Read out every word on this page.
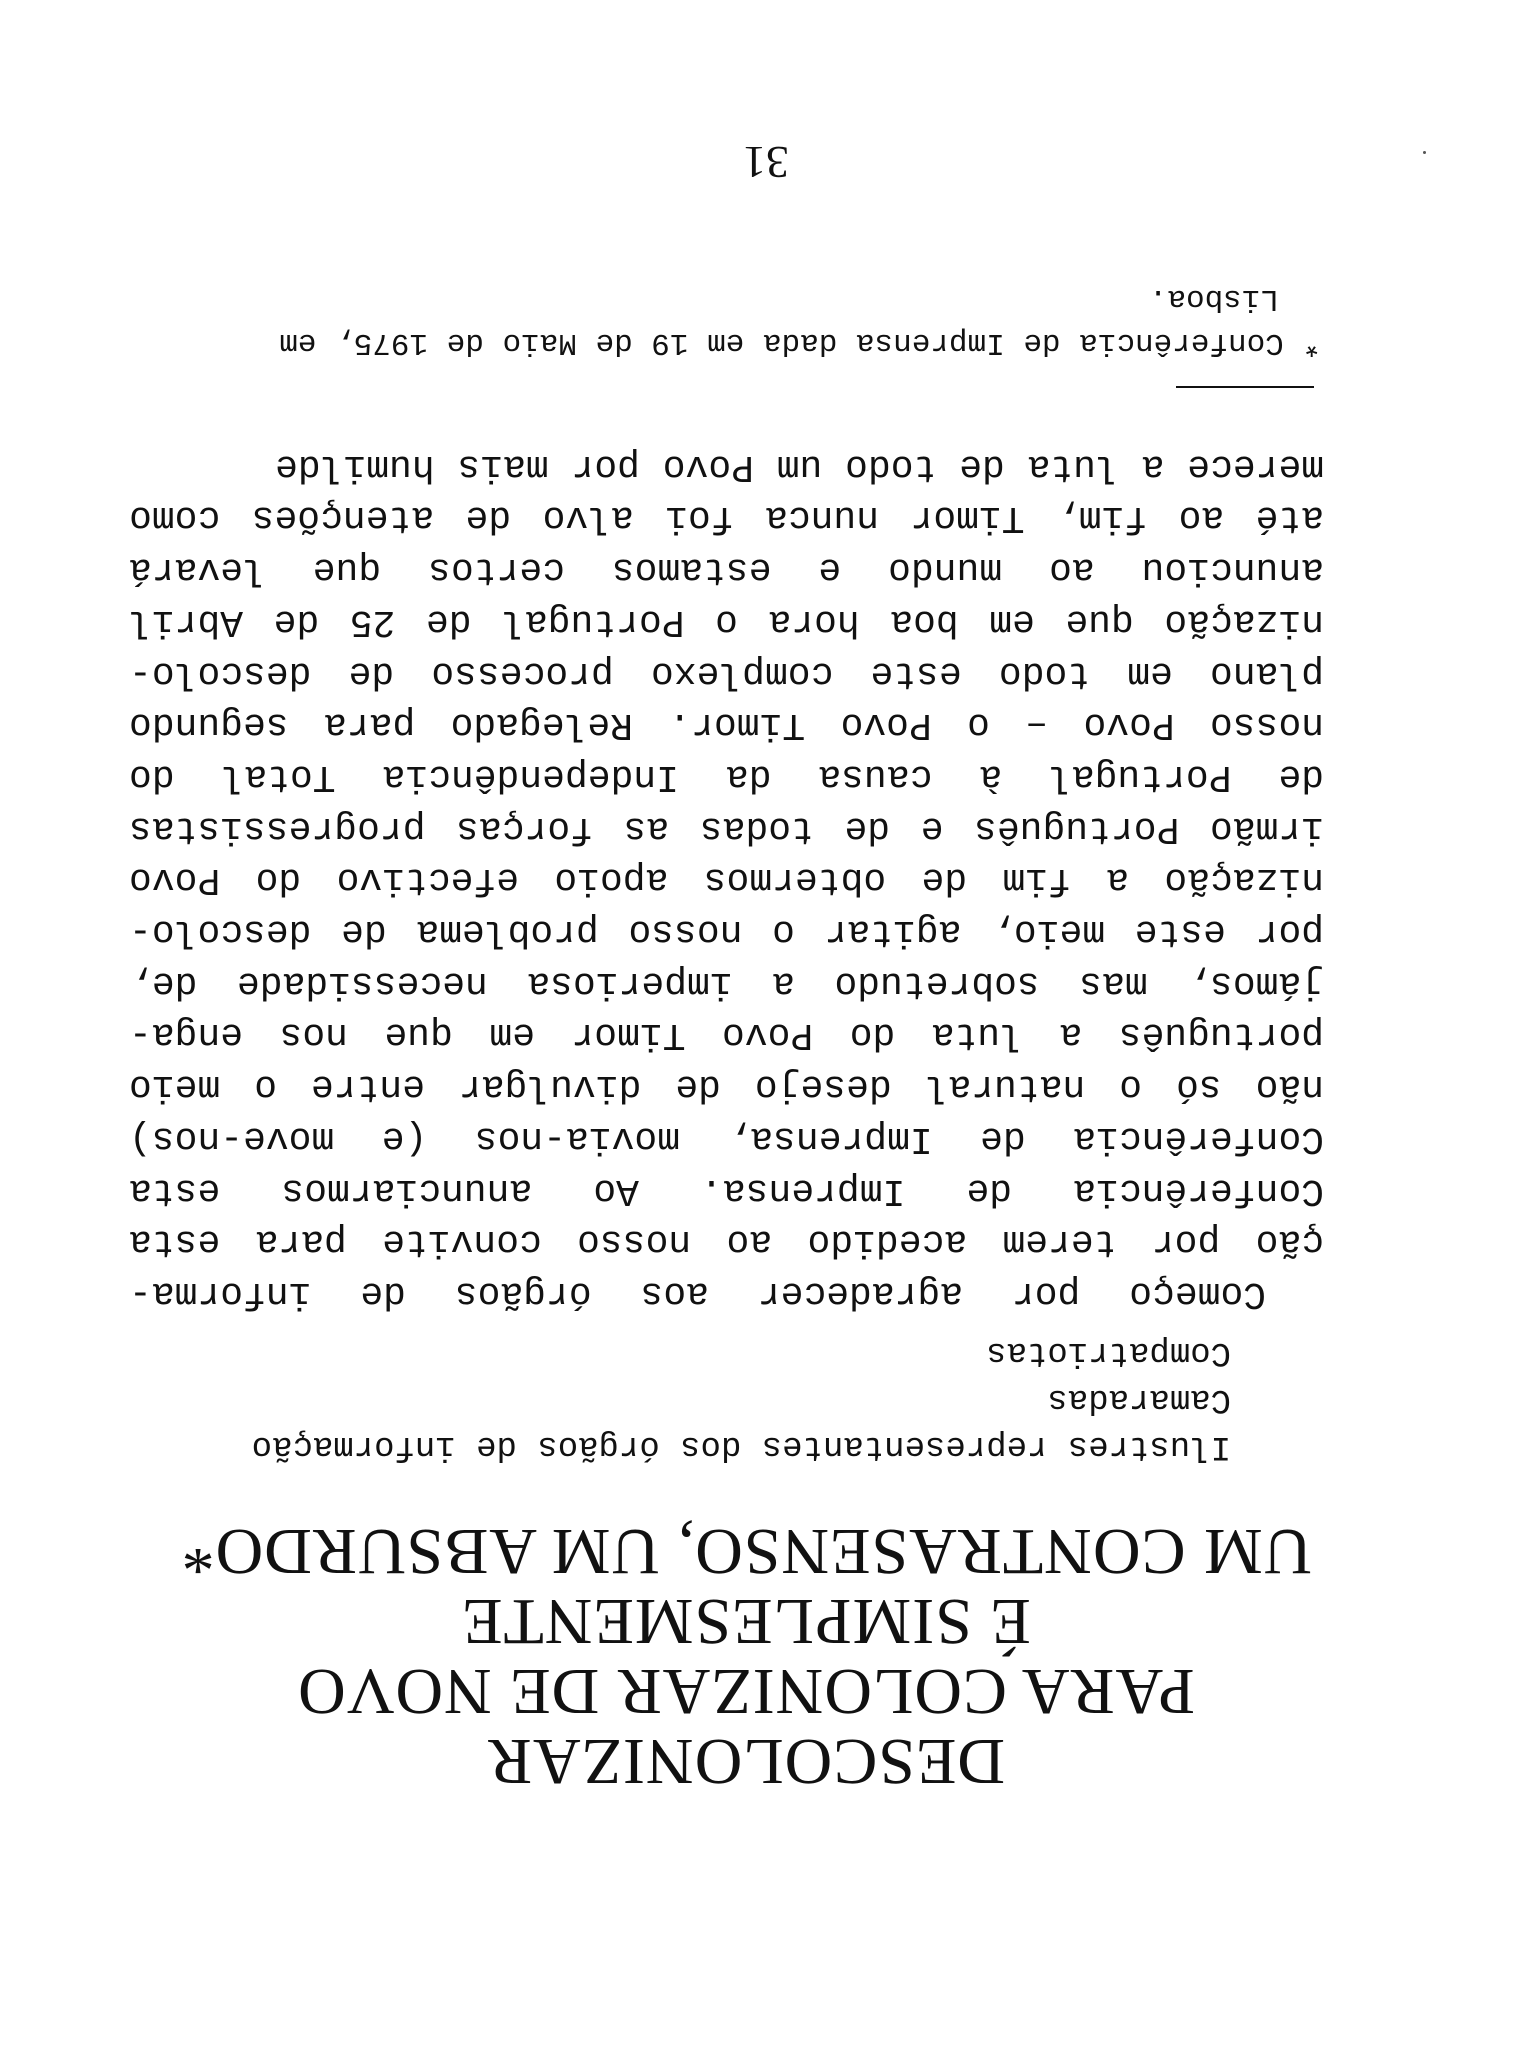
DESCOLONIZAR
PARA COLONIZAR DE NOVO
É SIMPLESMENTE
UM CONTRASENSO, UM ABSURDO*
Ilustres representantes dos órgãos de informação
Camaradas
Compatriotas
Começo por agradecer aos órgãos de informa-
ção por terem acedido ao nosso convite para esta
Conferência de Imprensa. Ao anunciarmos esta
Conferência de Imprensa, movia-nos (e move-nos)
não só o natural desejo de divulgar entre o meio
português a luta do Povo Timor em que nos enga-
jámos, mas sobretudo a imperiosa necessidade de,
por este meio, agitar o nosso problema de descolo-
nização a fim de obtermos apoio efectivo do Povo
irmão Português e de todas as forças progressistas
de Portugal à causa da Independência Total do
nosso Povo – o Povo Timor. Relegado para segundo
plano em todo este complexo processo de descolo-
nização que em boa hora o Portugal de 25 de Abril
anunciou ao mundo e estamos certos que levará
até ao fim, Timor nunca foi alvo de atenções como
merece a luta de todo um Povo por mais humilde
* Conferência de Imprensa dada em 19 de Maio de 1975, em
Lisboa.
31
